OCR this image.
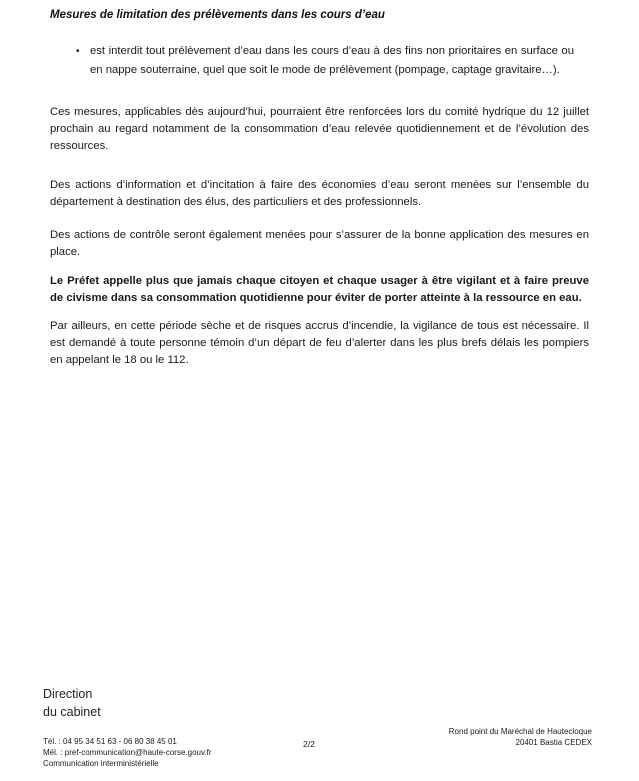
Mesures de limitation des prélèvements dans les cours d’eau
• est interdit tout prélèvement d’eau dans les cours d’eau à des fins non prioritaires en surface ou en nappe souterraine, quel que soit le mode de prélèvement (pompage, captage gravitaire…).

Ces mesures, applicables dès aujourd’hui, pourraient être renforcées lors du comité hydrique du 12 juillet prochain au regard notamment de la consommation d’eau relevée quotidiennement et de l’évolution des ressources.

Des actions d’information et d’incitation à faire des économies d’eau seront menées sur l’ensemble du département à destination des élus, des particuliers et des professionnels.

Des actions de contrôle seront également menées pour s’assurer de la bonne application des mesures en place.

Le Préfet appelle plus que jamais chaque citoyen et chaque usager à être vigilant et à faire preuve de civisme dans sa consommation quotidienne pour éviter de porter atteinte à la ressource en eau.

Par ailleurs, en cette période sèche et de risques accrus d’incendie, la vigilance de tous est nécessaire. Il est demandé à toute personne témoin d’un départ de feu d’alerter dans les plus brefs délais les pompiers en appelant le 18 ou le 112.

Direction
du cabinet
Tél. : 04 95 34 51 63 - 06 80 38 45 01
Mél. : pref-communication@haute-corse.gouv.fr
Communication interministérielle
2/2
Rond point du Maréchal de Hautecloque
20401 Bastia CEDEX
